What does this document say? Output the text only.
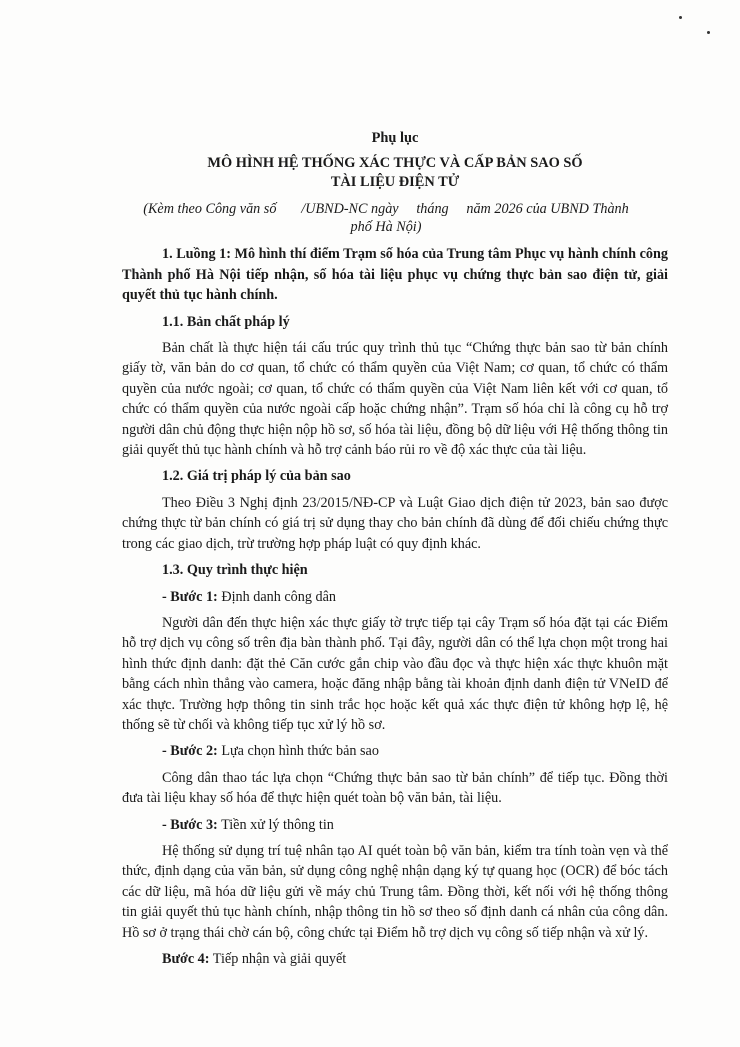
Phụ lục

MÔ HÌNH HỆ THỐNG XÁC THỰC VÀ CẤP BẢN SAO SỐ

TÀI LIỆU ĐIỆN TỬ

(Kèm theo Công văn số       /UBND-NC ngày     tháng     năm 2026 của UBND Thành
phố Hà Nội)

1. Luồng 1: Mô hình thí điểm Trạm số hóa của Trung tâm Phục vụ hành chính công Thành phố Hà Nội tiếp nhận, số hóa tài liệu phục vụ chứng thực bản sao điện tử, giải quyết thủ tục hành chính.

1.1. Bản chất pháp lý

Bản chất là thực hiện tái cấu trúc quy trình thủ tục “Chứng thực bản sao từ bản chính giấy tờ, văn bản do cơ quan, tổ chức có thẩm quyền của Việt Nam; cơ quan, tổ chức có thẩm quyền của nước ngoài; cơ quan, tổ chức có thẩm quyền của Việt Nam liên kết với cơ quan, tổ chức có thẩm quyền của nước ngoài cấp hoặc chứng nhận”. Trạm số hóa chỉ là công cụ hỗ trợ người dân chủ động thực hiện nộp hồ sơ, số hóa tài liệu, đồng bộ dữ liệu với Hệ thống thông tin giải quyết thủ tục hành chính và hỗ trợ cảnh báo rủi ro về độ xác thực của tài liệu.

1.2. Giá trị pháp lý của bản sao

Theo Điều 3 Nghị định 23/2015/NĐ-CP và Luật Giao dịch điện tử 2023, bản sao được chứng thực từ bản chính có giá trị sử dụng thay cho bản chính đã dùng để đối chiếu chứng thực trong các giao dịch, trừ trường hợp pháp luật có quy định khác.

1.3. Quy trình thực hiện

- Bước 1: Định danh công dân

Người dân đến thực hiện xác thực giấy tờ trực tiếp tại cây Trạm số hóa đặt tại các Điểm hỗ trợ dịch vụ công số trên địa bàn thành phố. Tại đây, người dân có thể lựa chọn một trong hai hình thức định danh: đặt thẻ Căn cước gắn chip vào đầu đọc và thực hiện xác thực khuôn mặt bằng cách nhìn thẳng vào camera, hoặc đăng nhập bằng tài khoản định danh điện tử VNeID để xác thực. Trường hợp thông tin sinh trắc học hoặc kết quả xác thực điện tử không hợp lệ, hệ thống sẽ từ chối và không tiếp tục xử lý hồ sơ.

- Bước 2: Lựa chọn hình thức bản sao

Công dân thao tác lựa chọn “Chứng thực bản sao từ bản chính” để tiếp tục. Đồng thời đưa tài liệu khay số hóa để thực hiện quét toàn bộ văn bản, tài liệu.

- Bước 3: Tiền xử lý thông tin

Hệ thống sử dụng trí tuệ nhân tạo AI quét toàn bộ văn bản, kiểm tra tính toàn vẹn và thể thức, định dạng của văn bản, sử dụng công nghệ nhận dạng ký tự quang học (OCR) để bóc tách các dữ liệu, mã hóa dữ liệu gửi về máy chủ Trung tâm. Đồng thời, kết nối với hệ thống thông tin giải quyết thủ tục hành chính, nhập thông tin hồ sơ theo số định danh cá nhân của công dân. Hồ sơ ở trạng thái chờ cán bộ, công chức tại Điểm hỗ trợ dịch vụ công số tiếp nhận và xử lý.

Bước 4: Tiếp nhận và giải quyết
